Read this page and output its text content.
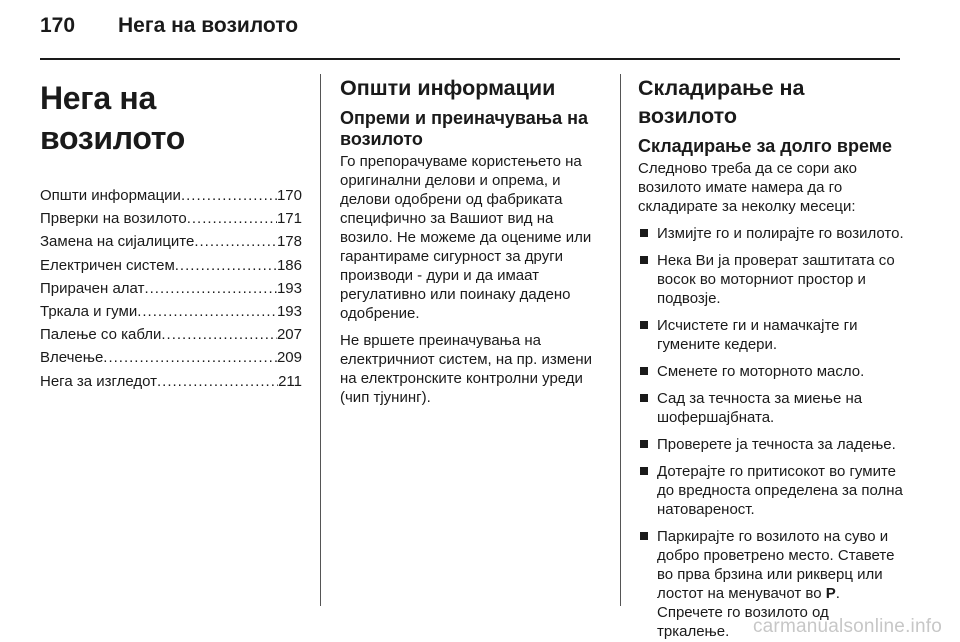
170	Нега на возилото
Нега на возилото
Општи информации .....	170
Прверки на возилото .....	171
Замена на сијалиците .....	178
Електричен систем .....	186
Прирачен алат .....	193
Тркала и гуми .....	193
Палење со кабли .....	207
Влечење .....	209
Нега за изгледот .....	211
Општи информации
Опреми и преиначувања на возилото

Го препорачуваме користењето на оригинални делови и опрема, и делови одобрени од фабриката специфично за Вашиот вид на возило. Не можеме да оцениме или гарантираме сигурност за други производи - дури и да имаат регулативно или поинаку дадено одобрение.

Не вршете преиначувања на електричниот систем, на пр. измени на електронските контролни уреди (чип тјунинг).

Складирање на возилото
Складирање за долго време

Следново треба да се сори ако возилото имате намера да го складирате за неколку месеци:

Измијте го и полирајте го возилото.
Нека Ви ја проверат заштитата со восок во моторниот простор и подвозје.
Исчистете ги и намачкајте ги гумените кедери.
Сменете го моторното масло.
Сад за течноста за миење на шофершајбната.
Проверете ја течноста за ладење.
Дотерајте го притисокот во гумите до вредноста определена за полна натовареност.
Паркирајте го возилото на суво и добро проветрено место. Ставете во прва брзина или рикверц или лостот на менувачот во P. Спречете го возилото од тркалење.	carmanualsonline.info
